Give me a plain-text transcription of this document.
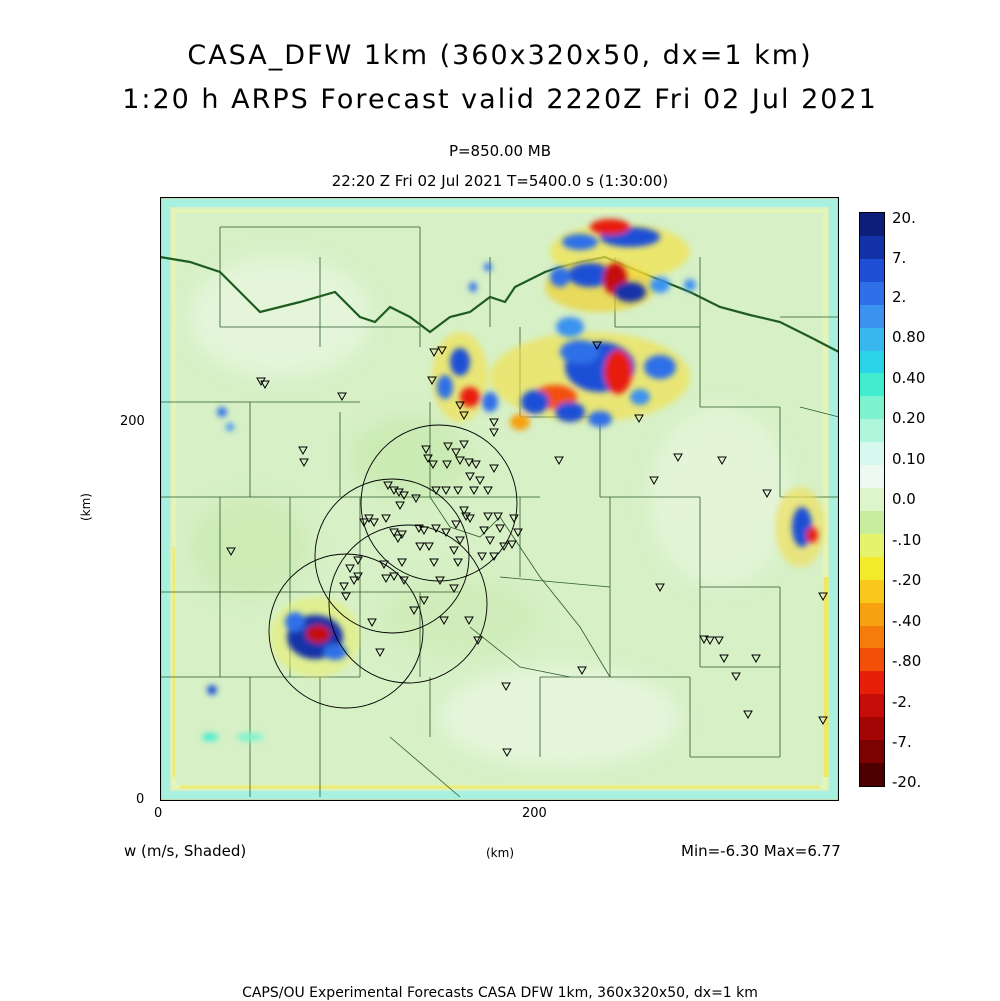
CASA_DFW 1km (360x320x50, dx=1 km)
1:20 h ARPS Forecast valid 2220Z Fri 02 Jul 2021
P=850.00 MB
22:20 Z Fri 02 Jul 2021 T=5400.0 s (1:30:00)
(km)
200
0
0	200
w (m/s, Shaded)	(km)	Min=-6.30 Max=6.77
CAPS/OU Experimental Forecasts CASA DFW 1km, 360x320x50, dx=1 km
20.
7.
2.
0.80
0.40
0.20
0.10
0.0
-.10
-.20
-.40
-.80
-2.
-7.
-20.
